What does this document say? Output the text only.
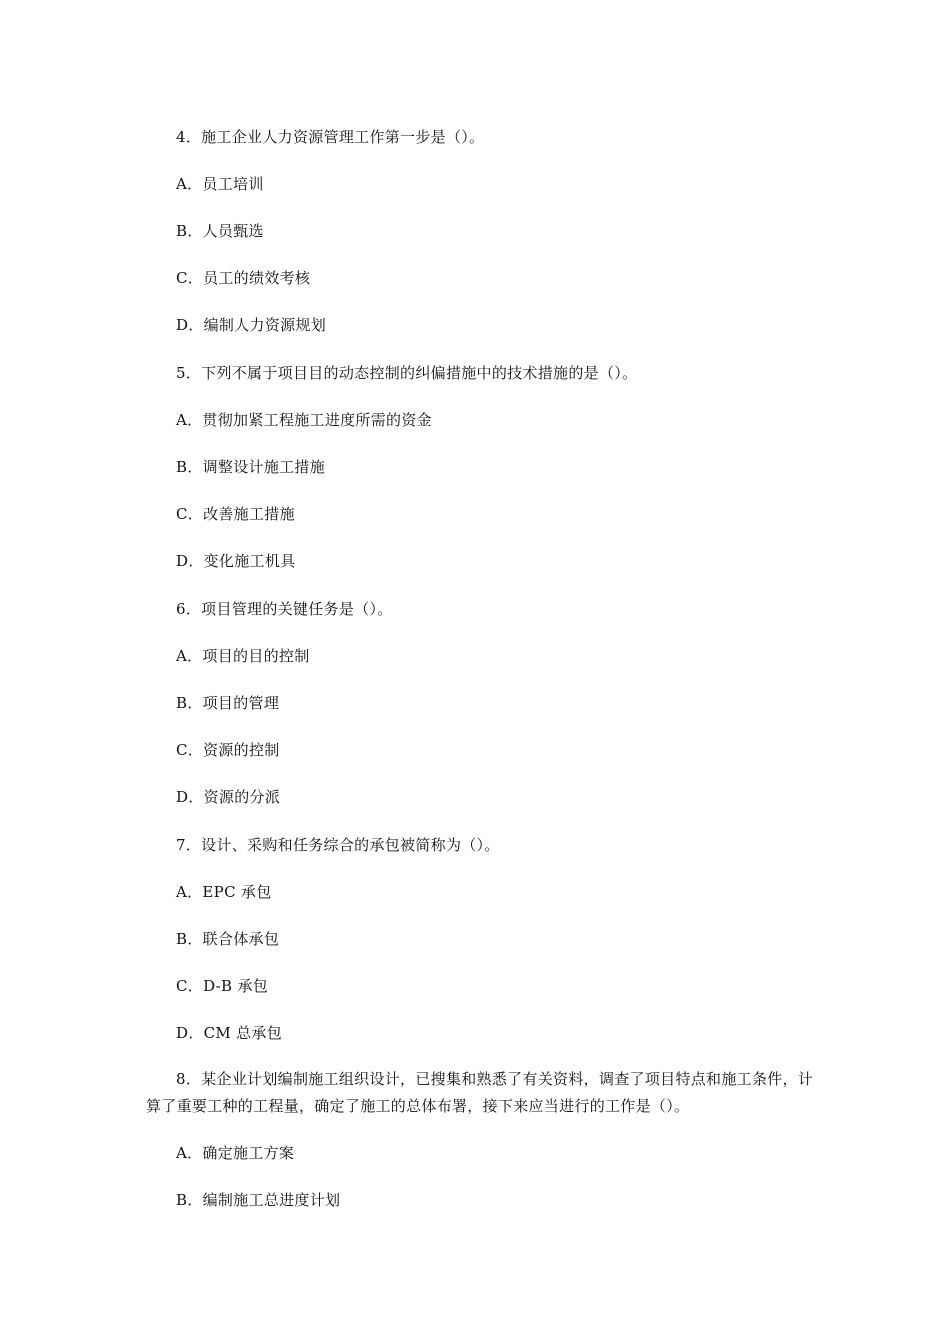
4．施工企业人力资源管理工作第一步是（）。
A．员工培训
B．人员甄选
C．员工的绩效考核
D．编制人力资源规划
5．下列不属于项目目的动态控制的纠偏措施中的技术措施的是（）。
A．贯彻加紧工程施工进度所需的资金
B．调整设计施工措施
C．改善施工措施
D．变化施工机具
6．项目管理的关键任务是（）。
A．项目的目的控制
B．项目的管理
C．资源的控制
D．资源的分派
7．设计、采购和任务综合的承包被简称为（）。
A．EPC 承包
B．联合体承包
C．D-B 承包
D．CM 总承包
8．某企业计划编制施工组织设计，已搜集和熟悉了有关资料，调查了项目特点和施工条件，计算了重要工种的工程量，确定了施工的总体布署，接下来应当进行的工作是（）。
A．确定施工方案
B．编制施工总进度计划
